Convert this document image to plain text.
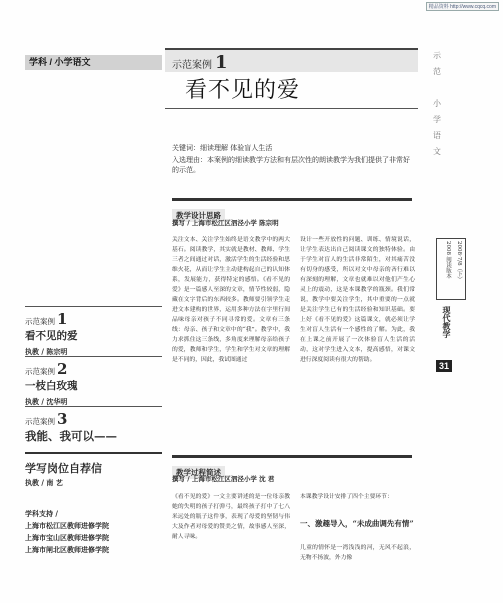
精品资料 http://www.cqcq.com
学科 / 小学语文	示范案例 1
看不见的爱
示
范

小
学
语
文

关键词：细读理解 体验盲人生活

入选理由：本案例的细读教学方法和有层次性的朗读教学为我们提供了非常好的示范。

教学设计思路
撰写 / 上海市松江区泗泾小学 陈宗明
关注文本、关注学生始终是语文教学中的两大基石。阅读教学，其实就是教材、教师、学生三者之间通过对话，激活学生的生活经验和思维火花，从而让学生主动建构起自己的认知体系，发展能力，获得特定的感悟。《看不见的爱》是一篇感人至深的文章，情节性较弱，隐藏在文字背后的东西较多。教师要引领学生走进文本建构的世界，运用多种方法在字里行间品味母亲对孩子不同寻常的爱。文章有三条线：母亲、孩子和文章中的“我”。教学中，我力求抓住这三条线，多角度来理解母亲给孩子的爱，教师和学生，学生和学生对文章的理解是不同的，因此，我试图通过
设计一些开放性的问题、训练、情境说话，让学生表达出自己阅读课文的独特体验。由于学生对盲人的生活非常陌生，对其痛苦没有切身的感受，所以对文中母亲的吝行难以有深刻的理解，文章也就难以对他们产生心灵上的震动，这是本课教学的瓶颈。我们常说，教学中要关注学生，其中重要的一点就是关注学生已有的生活经验和知识基础。要上好《看不见的爱》这篇课文，就必须让学生对盲人生活有一个感性的了解。为此，我在上课之前开展了一次体验盲人生活的活动，这对学生进入文本，提高感悟，对课文进行深度阅读有很大的帮助。
2008·7/8（下）
2008 阅读版本
现代教学
31
教学过程简述
撰写 / 上海市松江区泗泾小学 沈 君
《看不见的爱》一文主要讲述的是一位母亲教她的失明的孩子打弹弓，最终孩子打中了七八米远处的瓶子这件事，表现了母爱的坚韧与伟大及作者对母爱的赞美之情，故事感人至深，耐人寻味。
本课教学设计安排了四个主要环节：
一、激趣导入，“未成曲调先有情”
儿童的情怀是一湾浅浅的河，无风不起浪，无物不扬波，外力像
示范案例 1
看不见的爱
执教 / 陈宗明
示范案例 2
一枝白玫瑰
执教 / 沈华明
示范案例 3
我能、我可以——
学写岗位自荐信
执教 / 南 艺
学科支持 /
上海市松江区教师进修学院
上海市宝山区教师进修学院
上海市闸北区教师进修学院
